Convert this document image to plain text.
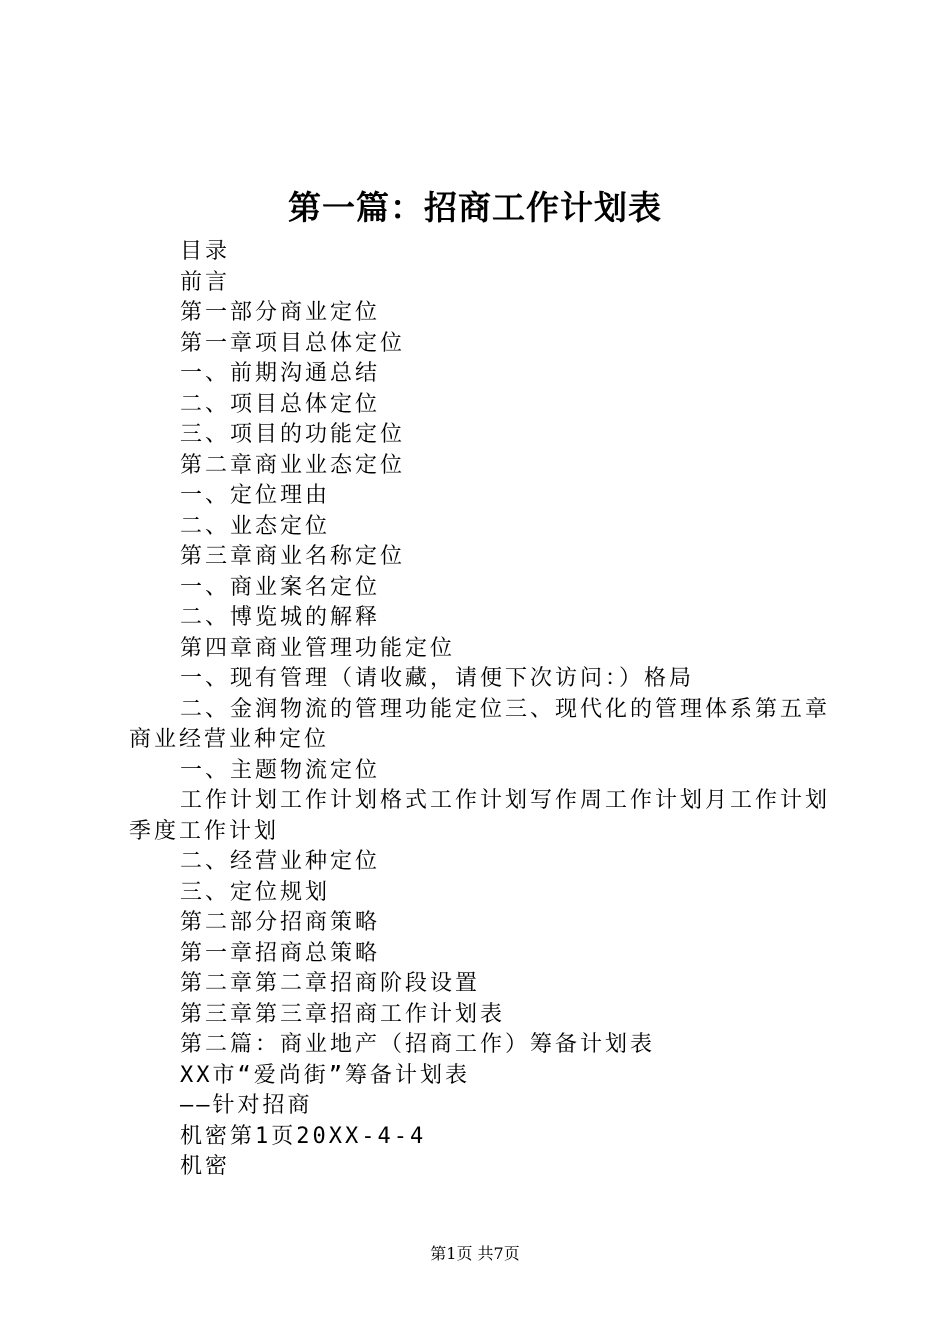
第一篇：招商工作计划表

目录

前言

第一部分商业定位

第一章项目总体定位

一、前期沟通总结

二、项目总体定位

三、项目的功能定位

第二章商业业态定位

一、定位理由

二、业态定位

第三章商业名称定位

一、商业案名定位

二、博览城的解释

第四章商业管理功能定位

一、现有管理（请收藏，请便下次访问：）格局

二、金润物流的管理功能定位三、现代化的管理体系第五章商业经营业种定位

一、主题物流定位

工作计划工作计划格式工作计划写作周工作计划月工作计划季度工作计划

二、经营业种定位

三、定位规划

第二部分招商策略

第一章招商总策略

第二章第二章招商阶段设置

第三章第三章招商工作计划表

第二篇：商业地产（招商工作）筹备计划表

XX市“爱尚街”筹备计划表

——针对招商

机密第1页20XX-4-4

机密

第1页 共7页
